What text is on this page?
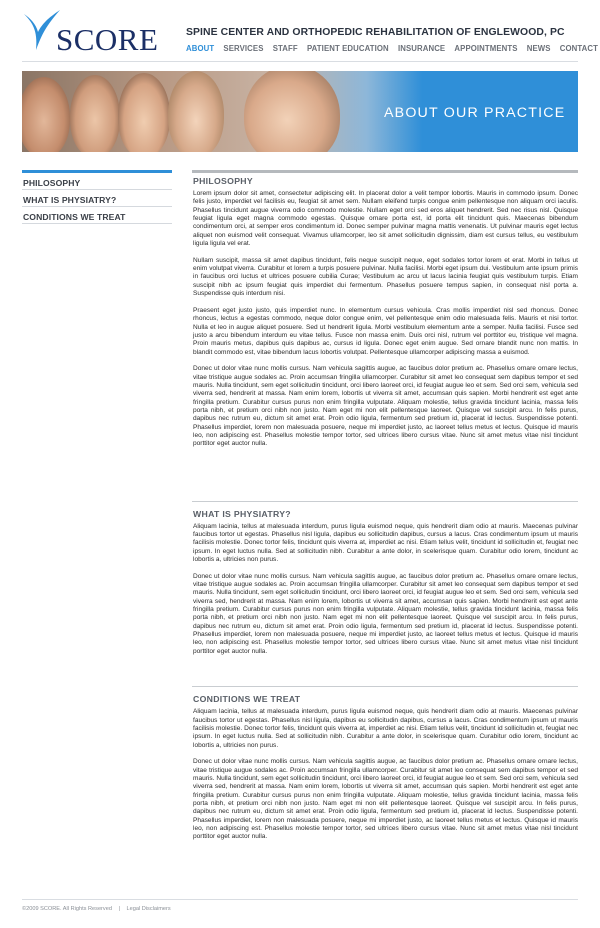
SCORE	SPINE CENTER AND ORTHOPEDIC REHABILITATION OF ENGLEWOOD, PC
ABOUT SERVICES STAFF PATIENT EDUCATION INSURANCE APPOINTMENTS NEWS CONTACT
ABOUT OUR PRACTICE
PHILOSOPHY
WHAT IS PHYSIATRY?
CONDITIONS WE TREAT
PHILOSOPHY

Lorem ipsum dolor sit amet, consectetur adipiscing elit. In placerat dolor a velit tempor lobortis. Mauris in commodo ipsum. Donec felis justo, imperdiet vel facilisis eu, feugiat sit amet sem. Nullam eleifend turpis congue enim pellentesque non aliquam orci iaculis. Phasellus tincidunt augue viverra odio commodo molestie. Nullam eget orci sed eros aliquet hendrerit. Sed nec risus nisl. Quisque feugiat ligula eget magna commodo egestas. Quisque ornare porta est, id porta elit tincidunt quis. Maecenas bibendum condimentum orci, at semper eros condimentum id. Donec semper pulvinar magna mattis venenatis. Ut pulvinar mauris eget lectus aliquet non euismod velit consequat. Vivamus ullamcorper, leo sit amet sollicitudin dignissim, diam est cursus tellus, eu vestibulum ligula ligula vel erat.

Nullam suscipit, massa sit amet dapibus tincidunt, felis neque suscipit neque, eget sodales tortor lorem et erat. Morbi in tellus ut enim volutpat viverra. Curabitur et lorem a turpis posuere pulvinar. Nulla facilisi. Morbi eget ipsum dui. Vestibulum ante ipsum primis in faucibus orci luctus et ultrices posuere cubilia Curae; Vestibulum ac arcu ut lacus lacinia feugiat quis vestibulum turpis. Etiam suscipit nibh ac ipsum feugiat quis imperdiet dui fermentum. Phasellus posuere tempus sapien, in consequat nisl porta a. Suspendisse quis interdum nisi.

Praesent eget justo justo, quis imperdiet nunc. In elementum cursus vehicula. Cras mollis imperdiet nisl sed rhoncus. Donec rhoncus, lectus a egestas commodo, neque dolor congue enim, vel pellentesque enim odio malesuada felis. Mauris et nisi tortor. Nulla et leo in augue aliquet posuere. Sed ut hendrerit ligula. Morbi vestibulum elementum ante a semper. Nulla facilisi. Fusce sed justo a arcu bibendum interdum eu vitae tellus. Fusce non massa enim. Duis orci nisl, rutrum vel porttitor eu, tristique vel magna. Proin mauris metus, dapibus quis dapibus ac, cursus id ligula. Donec eget enim augue. Sed ornare blandit nunc non mattis. In blandit commodo est, vitae bibendum lacus lobortis volutpat. Pellentesque ullamcorper adipiscing massa a euismod.

Donec ut dolor vitae nunc mollis cursus. Nam vehicula sagittis augue, ac faucibus dolor pretium ac. Phasellus ornare ornare lectus, vitae tristique augue sodales ac. Proin accumsan fringilla ullamcorper. Curabitur sit amet leo consequat sem dapibus tempor et sed mauris. Nulla tincidunt, sem eget sollicitudin tincidunt, orci libero laoreet orci, id feugiat augue leo et sem. Sed orci sem, vehicula sed viverra sed, hendrerit at massa. Nam enim lorem, lobortis ut viverra sit amet, accumsan quis sapien. Morbi hendrerit est eget ante fringilla pretium. Curabitur cursus purus non enim fringilla vulputate. Aliquam molestie, tellus gravida tincidunt lacinia, massa felis porta nibh, et pretium orci nibh non justo. Nam eget mi non elit pellentesque laoreet. Quisque vel suscipit arcu. In felis purus, dapibus nec rutrum eu, dictum sit amet erat. Proin odio ligula, fermentum sed pretium id, placerat id lectus. Suspendisse potenti. Phasellus imperdiet, lorem non malesuada posuere, neque mi imperdiet justo, ac laoreet tellus metus et lectus. Quisque id mauris leo, non adipiscing est. Phasellus molestie tempor tortor, sed ultrices libero cursus vitae. Nunc sit amet metus vitae nisl tincidunt porttitor eget auctor nulla.

WHAT IS PHYSIATRY?

Aliquam lacinia, tellus at malesuada interdum, purus ligula euismod neque, quis hendrerit diam odio at mauris. Maecenas pulvinar faucibus tortor ut egestas. Phasellus nisl ligula, dapibus eu sollicitudin dapibus, cursus a lacus. Cras condimentum ipsum ut mauris facilisis molestie. Donec tortor felis, tincidunt quis viverra at, imperdiet ac nisi. Etiam tellus velit, tincidunt id sollicitudin et, feugiat nec ipsum. In eget luctus nulla. Sed at sollicitudin nibh. Curabitur a ante dolor, in scelerisque quam. Curabitur odio lorem, tincidunt ac lobortis a, ultricies non purus.

Donec ut dolor vitae nunc mollis cursus. Nam vehicula sagittis augue, ac faucibus dolor pretium ac. Phasellus ornare ornare lectus, vitae tristique augue sodales ac. Proin accumsan fringilla ullamcorper. Curabitur sit amet leo consequat sem dapibus tempor et sed mauris. Nulla tincidunt, sem eget sollicitudin tincidunt, orci libero laoreet orci, id feugiat augue leo et sem. Sed orci sem, vehicula sed viverra sed, hendrerit at massa. Nam enim lorem, lobortis ut viverra sit amet, accumsan quis sapien. Morbi hendrerit est eget ante fringilla pretium. Curabitur cursus purus non enim fringilla vulputate. Aliquam molestie, tellus gravida tincidunt lacinia, massa felis porta nibh, et pretium orci nibh non justo. Nam eget mi non elit pellentesque laoreet. Quisque vel suscipit arcu. In felis purus, dapibus nec rutrum eu, dictum sit amet erat. Proin odio ligula, fermentum sed pretium id, placerat id lectus. Suspendisse potenti. Phasellus imperdiet, lorem non malesuada posuere, neque mi imperdiet justo, ac laoreet tellus metus et lectus. Quisque id mauris leo, non adipiscing est. Phasellus molestie tempor tortor, sed ultrices libero cursus vitae. Nunc sit amet metus vitae nisl tincidunt porttitor eget auctor nulla.

CONDITIONS WE TREAT

Aliquam lacinia, tellus at malesuada interdum, purus ligula euismod neque, quis hendrerit diam odio at mauris. Maecenas pulvinar faucibus tortor ut egestas. Phasellus nisl ligula, dapibus eu sollicitudin dapibus, cursus a lacus. Cras condimentum ipsum ut mauris facilisis molestie. Donec tortor felis, tincidunt quis viverra at, imperdiet ac nisi. Etiam tellus velit, tincidunt id sollicitudin et, feugiat nec ipsum. In eget luctus nulla. Sed at sollicitudin nibh. Curabitur a ante dolor, in scelerisque quam. Curabitur odio lorem, tincidunt ac lobortis a, ultricies non purus.

Donec ut dolor vitae nunc mollis cursus. Nam vehicula sagittis augue, ac faucibus dolor pretium ac. Phasellus ornare ornare lectus, vitae tristique augue sodales ac. Proin accumsan fringilla ullamcorper. Curabitur sit amet leo consequat sem dapibus tempor et sed mauris. Nulla tincidunt, sem eget sollicitudin tincidunt, orci libero laoreet orci, id feugiat augue leo et sem. Sed orci sem, vehicula sed viverra sed, hendrerit at massa. Nam enim lorem, lobortis ut viverra sit amet, accumsan quis sapien. Morbi hendrerit est eget ante fringilla pretium. Curabitur cursus purus non enim fringilla vulputate. Aliquam molestie, tellus gravida tincidunt lacinia, massa felis porta nibh, et pretium orci nibh non justo. Nam eget mi non elit pellentesque laoreet. Quisque vel suscipit arcu. In felis purus, dapibus nec rutrum eu, dictum sit amet erat. Proin odio ligula, fermentum sed pretium id, placerat id lectus. Suspendisse potenti. Phasellus imperdiet, lorem non malesuada posuere, neque mi imperdiet justo, ac laoreet tellus metus et lectus. Quisque id mauris leo, non adipiscing est. Phasellus molestie tempor tortor, sed ultrices libero cursus vitae. Nunc sit amet metus vitae nisl tincidunt porttitor eget auctor nulla.

©2009 SCORE. All Rights Reserved | Legal Disclaimers
